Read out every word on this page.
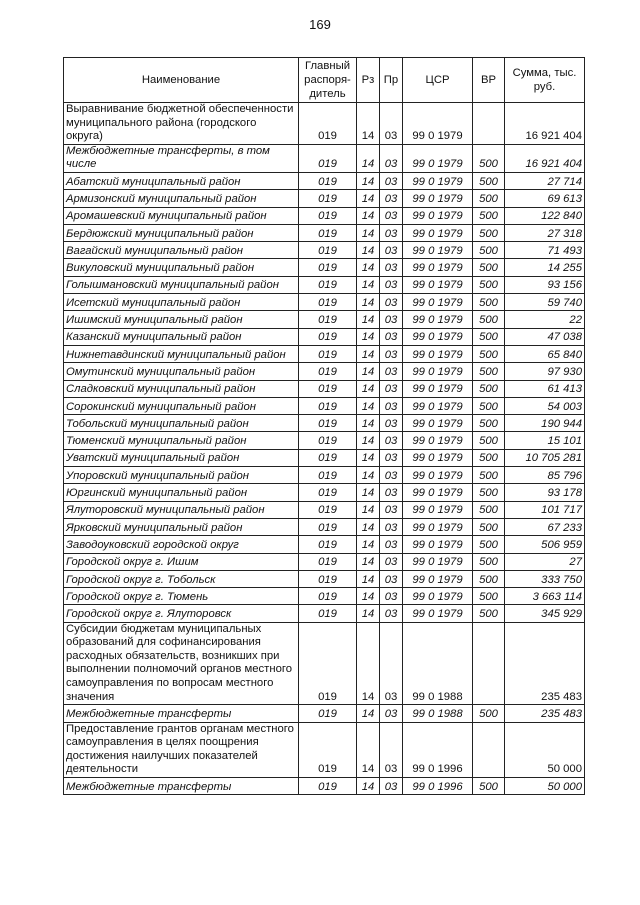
169
Наименование	Главный распоря-дитель	Рз	Пр	ЦСР	ВР	Сумма, тыс. руб.
Выравнивание бюджетной обеспеченности муниципального района (городского округа)	019	14	03	99 0 1979		16 921 404
Межбюджетные трансферты, в том числе	019	14	03	99 0 1979	500	16 921 404
Абатский муниципальный район	019	14	03	99 0 1979	500	27 714
Армизонский муниципальный район	019	14	03	99 0 1979	500	69 613
Аромашевский муниципальный район	019	14	03	99 0 1979	500	122 840
Бердюжский муниципальный район	019	14	03	99 0 1979	500	27 318
Вагайский муниципальный район	019	14	03	99 0 1979	500	71 493
Викуловский муниципальный район	019	14	03	99 0 1979	500	14 255
Голышмановский муниципальный район	019	14	03	99 0 1979	500	93 156
Исетский муниципальный район	019	14	03	99 0 1979	500	59 740
Ишимский муниципальный район	019	14	03	99 0 1979	500	22
Казанский муниципальный район	019	14	03	99 0 1979	500	47 038
Нижнетавдинский муниципальный район	019	14	03	99 0 1979	500	65 840
Омутинский муниципальный район	019	14	03	99 0 1979	500	97 930
Сладковский муниципальный район	019	14	03	99 0 1979	500	61 413
Сорокинский муниципальный район	019	14	03	99 0 1979	500	54 003
Тобольский муниципальный район	019	14	03	99 0 1979	500	190 944
Тюменский муниципальный район	019	14	03	99 0 1979	500	15 101
Уватский муниципальный район	019	14	03	99 0 1979	500	10 705 281
Упоровский муниципальный район	019	14	03	99 0 1979	500	85 796
Юргинский муниципальный район	019	14	03	99 0 1979	500	93 178
Ялуторовский муниципальный район	019	14	03	99 0 1979	500	101 717
Ярковский муниципальный район	019	14	03	99 0 1979	500	67 233
Заводоуковский городской округ	019	14	03	99 0 1979	500	506 959
Городской округ г. Ишим	019	14	03	99 0 1979	500	27
Городской округ г. Тобольск	019	14	03	99 0 1979	500	333 750
Городской округ г. Тюмень	019	14	03	99 0 1979	500	3 663 114
Городской округ г. Ялуторовск	019	14	03	99 0 1979	500	345 929
Субсидии бюджетам муниципальных образований для софинансирования расходных обязательств, возникших при выполнении полномочий органов местного самоуправления по вопросам местного значения	019	14	03	99 0 1988		235 483
Межбюджетные трансферты	019	14	03	99 0 1988	500	235 483
Предоставление грантов органам местного самоуправления в целях поощрения достижения наилучших показателей деятельности	019	14	03	99 0 1996		50 000
Межбюджетные трансферты	019	14	03	99 0 1996	500	50 000
